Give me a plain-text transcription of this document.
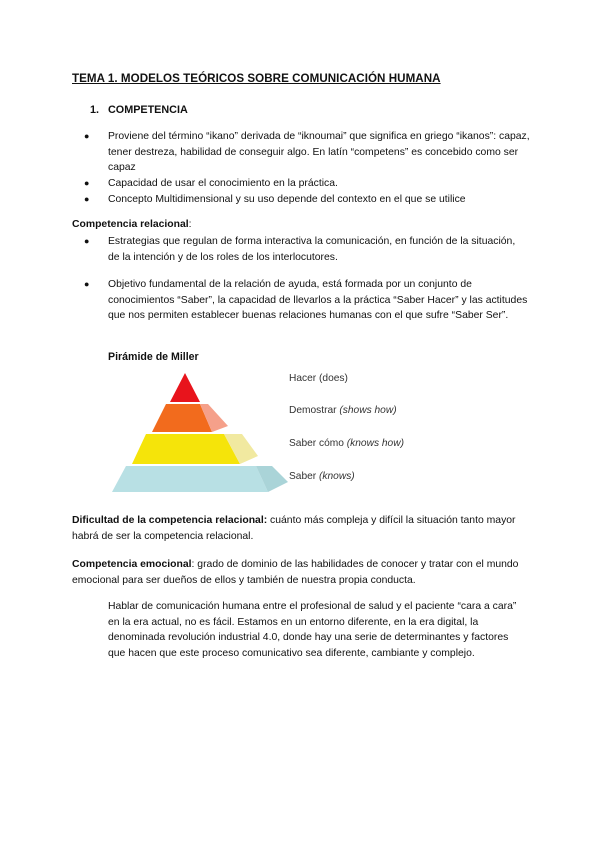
TEMA 1. MODELOS TEÓRICOS SOBRE COMUNICACIÓN HUMANA
1. COMPETENCIA
● Proviene del término “ikano” derivada de “iknoumai” que significa en griego “ikanos”: capaz, tener destreza, habilidad de conseguir algo. En latín “competens” es concebido como ser capaz
● Capacidad de usar el conocimiento en la práctica.
● Concepto Multidimensional y su uso depende del contexto en el que se utilice
Competencia relacional:
● Estrategias que regulan de forma interactiva la comunicación, en función de la situación, de la intención y de los roles de los interlocutores.
● Objetivo fundamental de la relación de ayuda, está formada por un conjunto de conocimientos “Saber”, la capacidad de llevarlos a la práctica “Saber Hacer” y las actitudes que nos permiten establecer buenas relaciones humanas con el que sufre “Saber Ser”.
Pirámide de Miller
Hacer (does)
Demostrar (shows how)
Saber cómo (knows how)
Saber (knows)
Dificultad de la competencia relacional: cuánto más compleja y difícil la situación tanto mayor habrá de ser la competencia relacional.
Competencia emocional: grado de dominio de las habilidades de conocer y tratar con el mundo emocional para ser dueños de ellos y también de nuestra propia conducta.
Hablar de comunicación humana entre el profesional de salud y el paciente “cara a cara” en la era actual, no es fácil. Estamos en un entorno diferente, en la era digital, la denominada revolución industrial 4.0, donde hay una serie de determinantes y factores que hacen que este proceso comunicativo sea diferente, cambiante y complejo.
